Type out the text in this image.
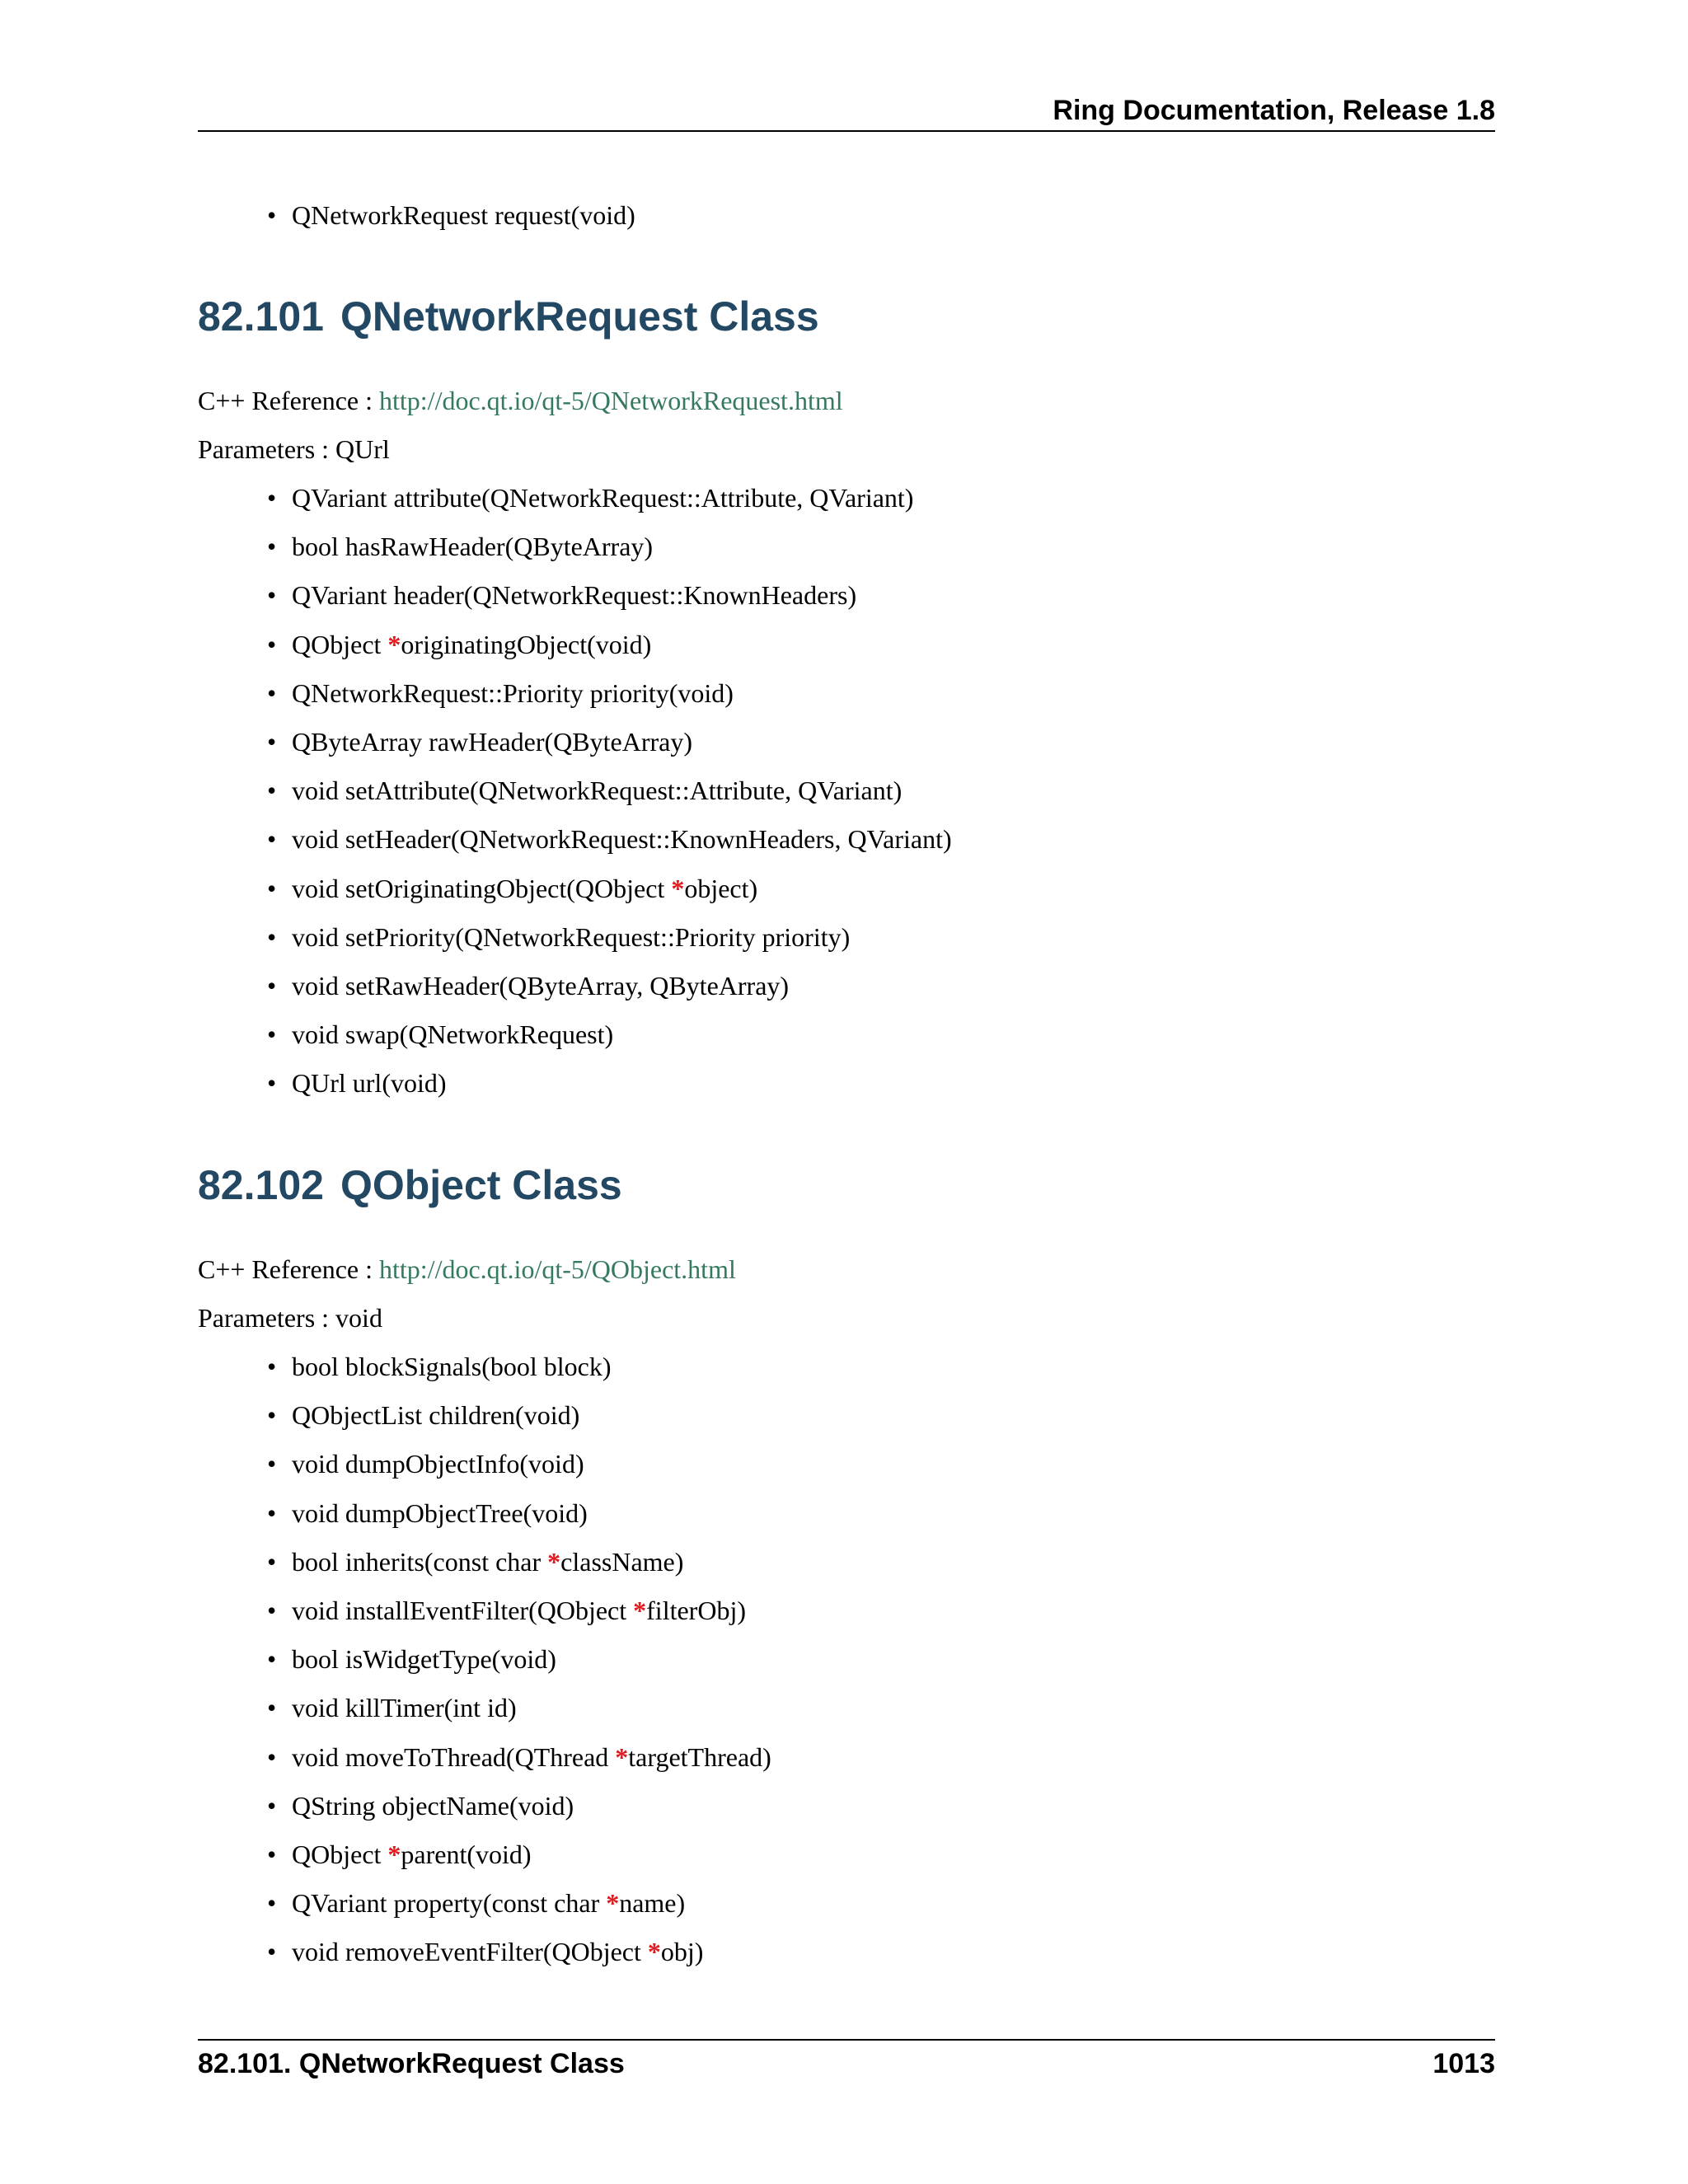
Ring Documentation, Release 1.8
• QNetworkRequest request(void)
82.101 QNetworkRequest Class
C++ Reference : http://doc.qt.io/qt-5/QNetworkRequest.html
Parameters : QUrl
• QVariant attribute(QNetworkRequest::Attribute, QVariant)
• bool hasRawHeader(QByteArray)
• QVariant header(QNetworkRequest::KnownHeaders)
• QObject *originatingObject(void)
• QNetworkRequest::Priority priority(void)
• QByteArray rawHeader(QByteArray)
• void setAttribute(QNetworkRequest::Attribute, QVariant)
• void setHeader(QNetworkRequest::KnownHeaders, QVariant)
• void setOriginatingObject(QObject *object)
• void setPriority(QNetworkRequest::Priority priority)
• void setRawHeader(QByteArray, QByteArray)
• void swap(QNetworkRequest)
• QUrl url(void)
82.102 QObject Class
C++ Reference : http://doc.qt.io/qt-5/QObject.html
Parameters : void
• bool blockSignals(bool block)
• QObjectList children(void)
• void dumpObjectInfo(void)
• void dumpObjectTree(void)
• bool inherits(const char *className)
• void installEventFilter(QObject *filterObj)
• bool isWidgetType(void)
• void killTimer(int id)
• void moveToThread(QThread *targetThread)
• QString objectName(void)
• QObject *parent(void)
• QVariant property(const char *name)
• void removeEventFilter(QObject *obj)
82.101. QNetworkRequest Class	1013
